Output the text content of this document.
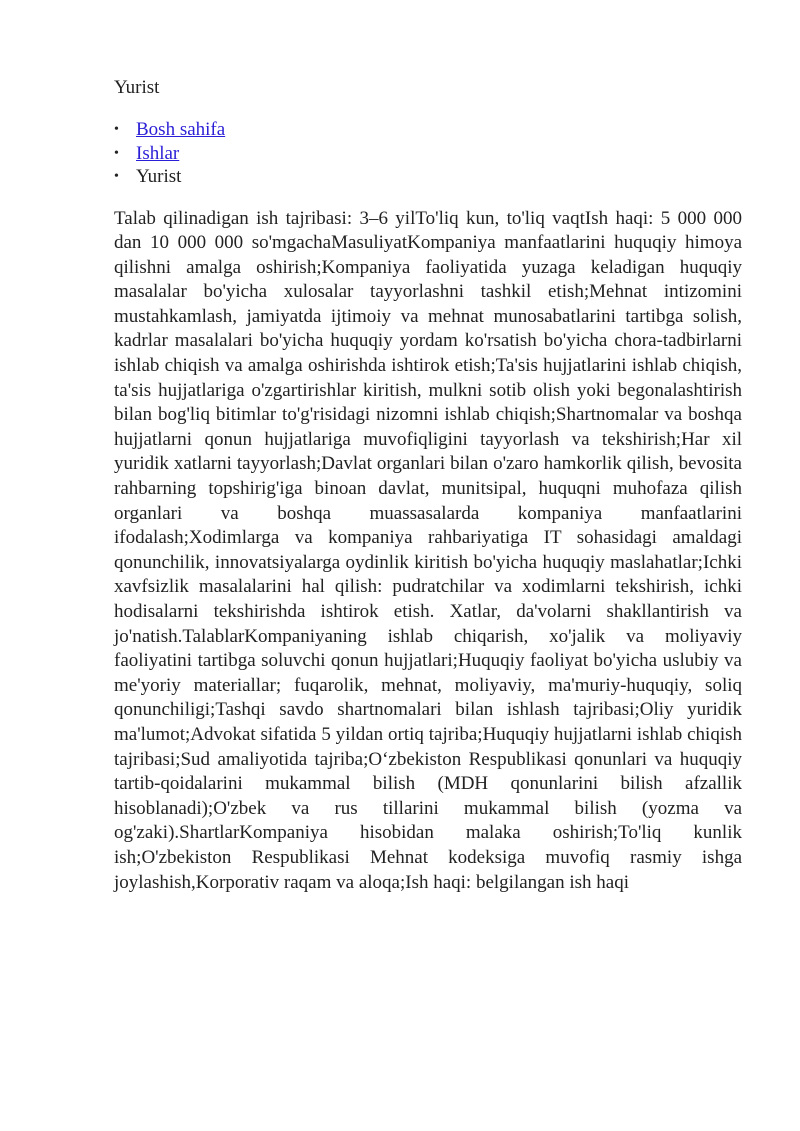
Yurist
• Bosh sahifa
• Ishlar
• Yurist

Talab qilinadigan ish tajribasi: 3–6 yilTo'liq kun, to'liq vaqtIsh haqi: 5 000 000 dan 10 000 000 so'mgachaMasuliyatKompaniya manfaatlarini huquqiy himoya qilishni amalga oshirish;Kompaniya faoliyatida yuzaga keladigan huquqiy masalalar bo'yicha xulosalar tayyorlashni tashkil etish;Mehnat intizomini mustahkamlash, jamiyatda ijtimoiy va mehnat munosabatlarini tartibga solish, kadrlar masalalari bo'yicha huquqiy yordam ko'rsatish bo'yicha chora-tadbirlarni ishlab chiqish va amalga oshirishda ishtirok etish;Ta'sis hujjatlarini ishlab chiqish, ta'sis hujjatlariga o'zgartirishlar kiritish, mulkni sotib olish yoki begonalashtirish bilan bog'liq bitimlar to'g'risidagi nizomni ishlab chiqish;Shartnomalar va boshqa hujjatlarni qonun hujjatlariga muvofiqligini tayyorlash va tekshirish;Har xil yuridik xatlarni tayyorlash;Davlat organlari bilan o'zaro hamkorlik qilish, bevosita rahbarning topshirig'iga binoan davlat, munitsipal, huquqni muhofaza qilish organlari va boshqa muassasalarda kompaniya manfaatlarini ifodalash;Xodimlarga va kompaniya rahbariyatiga IT sohasidagi amaldagi qonunchilik, innovatsiyalarga oydinlik kiritish bo'yicha huquqiy maslahatlar;Ichki xavfsizlik masalalarini hal qilish: pudratchilar va xodimlarni tekshirish, ichki hodisalarni tekshirishda ishtirok etish. Xatlar, da'volarni shakllantirish va jo'natish.TalablarKompaniyaning ishlab chiqarish, xo'jalik va moliyaviy faoliyatini tartibga soluvchi qonun hujjatlari;Huquqiy faoliyat bo'yicha uslubiy va me'yoriy materiallar; fuqarolik, mehnat, moliyaviy, ma'muriy-huquqiy, soliq qonunchiligi;Tashqi savdo shartnomalari bilan ishlash tajribasi;Oliy yuridik ma'lumot;Advokat sifatida 5 yildan ortiq tajriba;Huquqiy hujjatlarni ishlab chiqish tajribasi;Sud amaliyotida tajriba;O‘zbekiston Respublikasi qonunlari va huquqiy tartib-qoidalarini mukammal bilish (MDH qonunlarini bilish afzallik hisoblanadi);O'zbek va rus tillarini mukammal bilish (yozma va og'zaki).ShartlarKompaniya hisobidan malaka oshirish;To'liq kunlik ish;O'zbekiston Respublikasi Mehnat kodeksiga muvofiq rasmiy ishga joylashish,Korporativ raqam va aloqa;Ish haqi: belgilangan ish haqi
